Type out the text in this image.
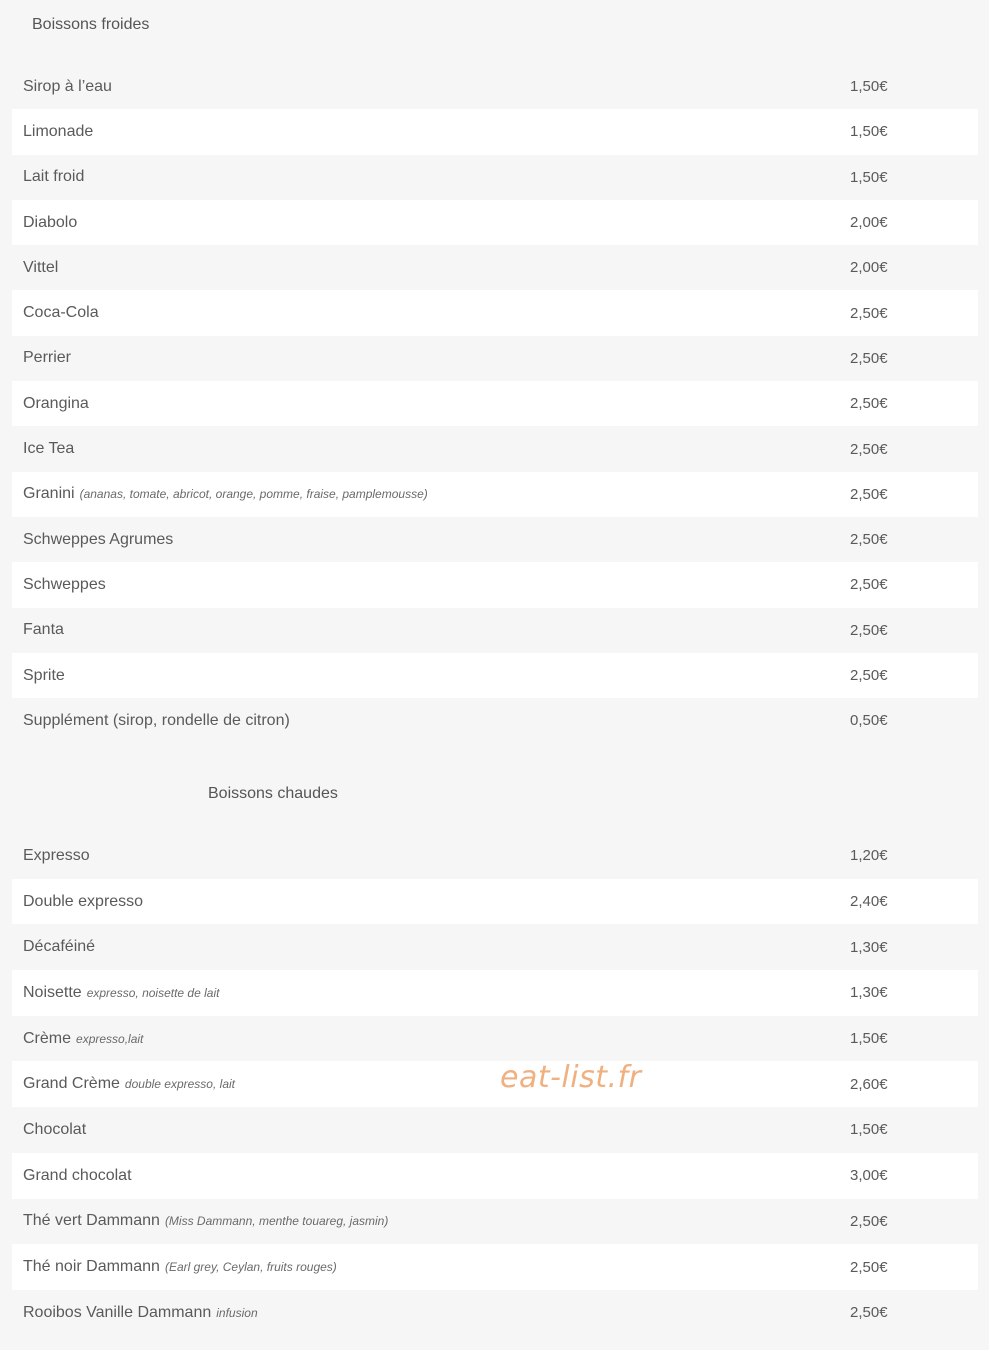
Boissons froides
Sirop à l’eau	1,50€
Limonade	1,50€
Lait froid	1,50€
Diabolo	2,00€
Vittel	2,00€
Coca-Cola	2,50€
Perrier	2,50€
Orangina	2,50€
Ice Tea	2,50€
Granini (ananas, tomate, abricot, orange, pomme, fraise, pamplemousse)	2,50€
Schweppes Agrumes	2,50€
Schweppes	2,50€
Fanta	2,50€
Sprite	2,50€
Supplément (sirop, rondelle de citron)	0,50€
Boissons chaudes
Expresso	1,20€
Double expresso	2,40€
Décaféiné	1,30€
Noisette expresso, noisette de lait	1,30€
Crème expresso,lait	1,50€
Grand Crème double expresso, lait	2,60€
Chocolat	1,50€
Grand chocolat	3,00€
Thé vert Dammann (Miss Dammann, menthe touareg, jasmin)	2,50€
Thé noir Dammann (Earl grey, Ceylan, fruits rouges)	2,50€
Rooibos Vanille Dammann infusion	2,50€
eat-list.fr
